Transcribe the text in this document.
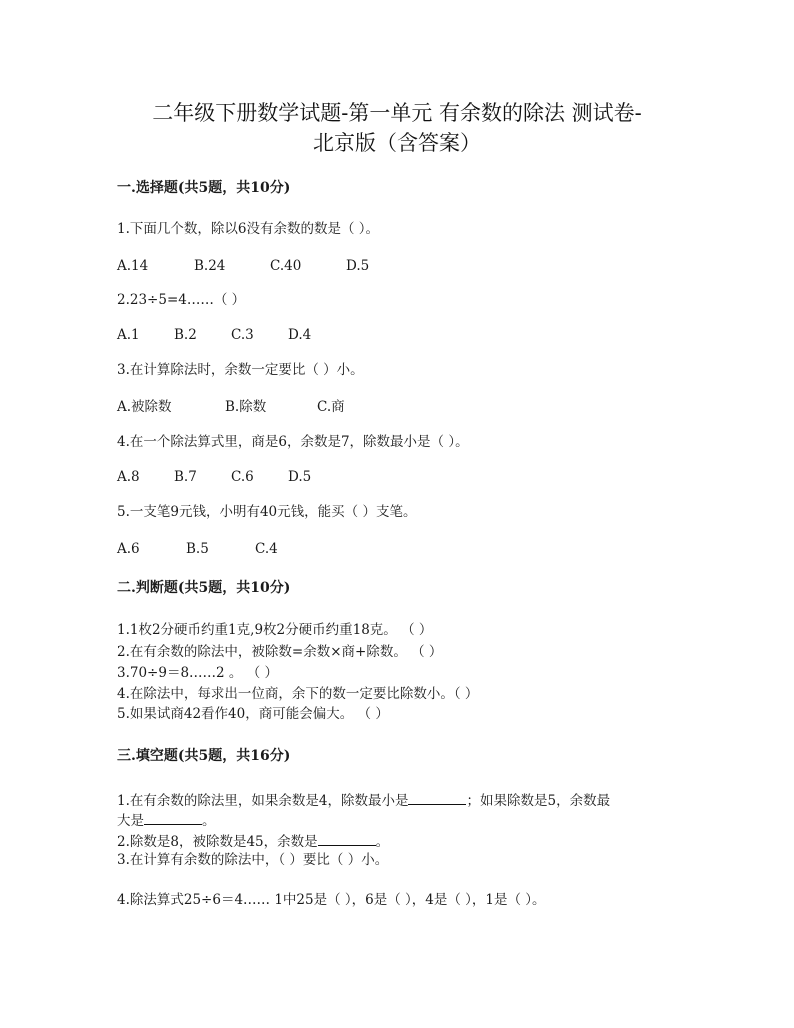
二年级下册数学试题-第一单元 有余数的除法 测试卷-
北京版（含答案）
一.选择题(共5题，共10分)
1.下面几个数，除以6没有余数的数是（ ）。
A.14	B.24	C.40	D.5
2.23÷5=4……（ ）
A.1	B.2	C.3	D.4
3.在计算除法时，余数一定要比（ ）小。
A.被除数	B.除数	C.商
4.在一个除法算式里，商是6，余数是7，除数最小是（ ）。
A.8	B.7	C.6	D.5
5.一支笔9元钱，小明有40元钱，能买（ ）支笔。
A.6	B.5	C.4
二.判断题(共5题，共10分)
1.1枚2分硬币约重1克,9枚2分硬币约重18克。 （ ）
2.在有余数的除法中，被除数=余数×商+除数。 （ ）
3.70÷9＝8……2 。 （ ）
4.在除法中，每求出一位商，余下的数一定要比除数小。（ ）
5.如果试商42看作40，商可能会偏大。 （ ）
三.填空题(共5题，共16分)
1.在有余数的除法里，如果余数是4，除数最小是	；如果除数是5，余数最
大是	。
2.除数是8，被除数是45，余数是	。
3.在计算有余数的除法中，（ ）要比（ ）小。
4.除法算式25÷6＝4…… 1中25是（ ），6是（ ），4是（ ），1是（ ）。
